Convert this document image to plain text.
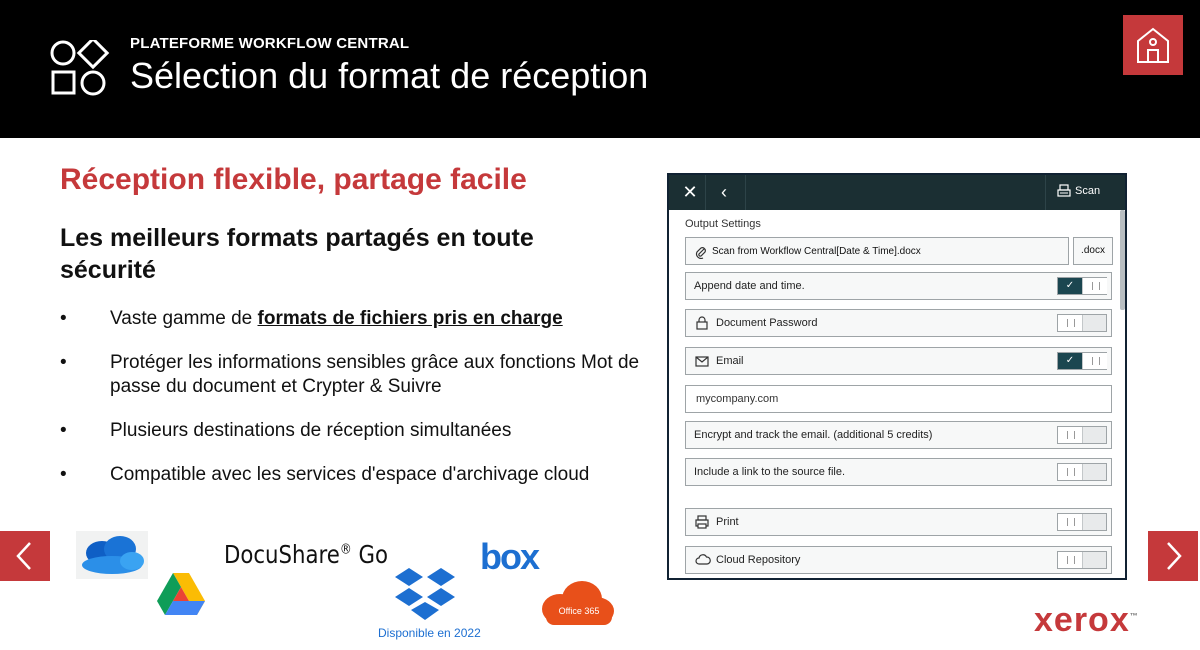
PLATEFORME WORKFLOW CENTRAL
Sélection du format de réception
Réception flexible, partage facile
Les meilleurs formats partagés en toute sécurité
• Vaste gamme de formats de fichiers pris en charge
• Protéger les informations sensibles grâce aux fonctions Mot de passe du document et Crypter & Suivre
• Plusieurs destinations de réception simultanées
• Compatible avec les services d'espace d'archivage cloud
DocuShare® Go	box
Disponible en 2022
Office 365	xerox™
✕	‹	Scan
Output Settings
Scan from Workflow Central[Date & Time].docx	.docx
Append date and time.	✓
Document Password
Email	✓
mycompany.com
Encrypt and track the email. (additional 5 credits)
Include a link to the source file.
Print
Cloud Repository
